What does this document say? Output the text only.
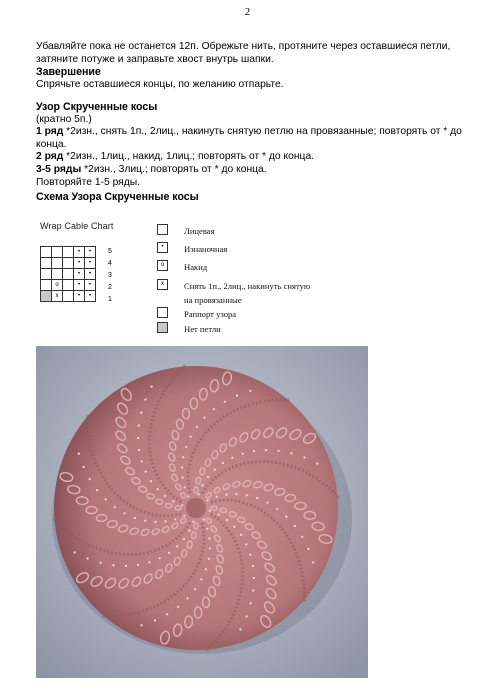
2
Убавляйте пока не останется 12п. Обрежьте нить, протяните через оставшиеся петли,
затяните потуже и заправьте хвост внутрь шапки.
Завершение
Спрячьте оставшиеся концы, по желанию отпарьте.
Узор Скрученные косы
(кратно 5п.)
1 ряд *2изн., снять 1п., 2лиц., накинуть снятую петлю на провязанные; повторять от * до
конца.
2 ряд *2изн., 1лиц., накид, 1лиц.; повторять от * до конца.
3-5 ряды *2изн., 3лиц.; повторять от * до конца.
Повторяйте 1-5 ряды.
Схема Узора Скрученные косы
Wrap Cable Chart
			•	•
			•	•
			•	•
	o		•	•
	x		•	•
5
4
3
2
1
Лицевая
•	Изнаночная
o	Накид
x	Снять 1п., 2лиц., накинуть снятую
на провязанные
Раппорт узора
Нет петли
